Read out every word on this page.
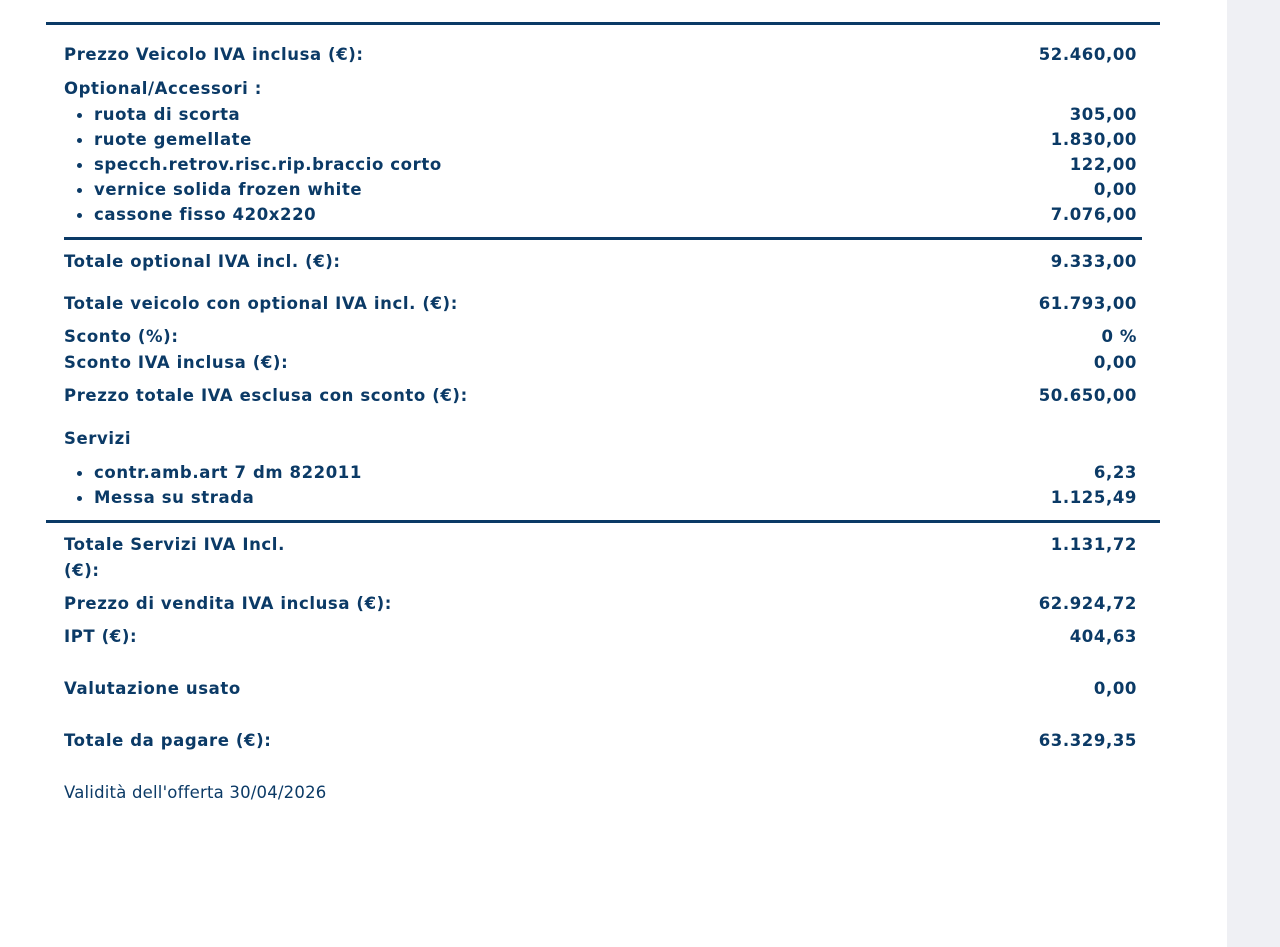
Prezzo Veicolo IVA inclusa (€):	52.460,00
Optional/Accessori :
ruota di scorta	305,00
ruote gemellate	1.830,00
specch.retrov.risc.rip.braccio corto	122,00
vernice solida frozen white	0,00
cassone fisso 420x220	7.076,00
Totale optional IVA incl. (€):	9.333,00
Totale veicolo con optional IVA incl. (€):	61.793,00
Sconto (%):	0 %
Sconto IVA inclusa (€):	0,00
Prezzo totale IVA esclusa con sconto (€):	50.650,00
Servizi
contr.amb.art 7 dm 822011	6,23
Messa su strada	1.125,49
Totale Servizi IVA Incl.	1.131,72
(€):
Prezzo di vendita IVA inclusa (€):	62.924,72
IPT (€):	404,63
Valutazione usato	0,00
Totale da pagare (€):	63.329,35
Validità dell'offerta 30/04/2026
